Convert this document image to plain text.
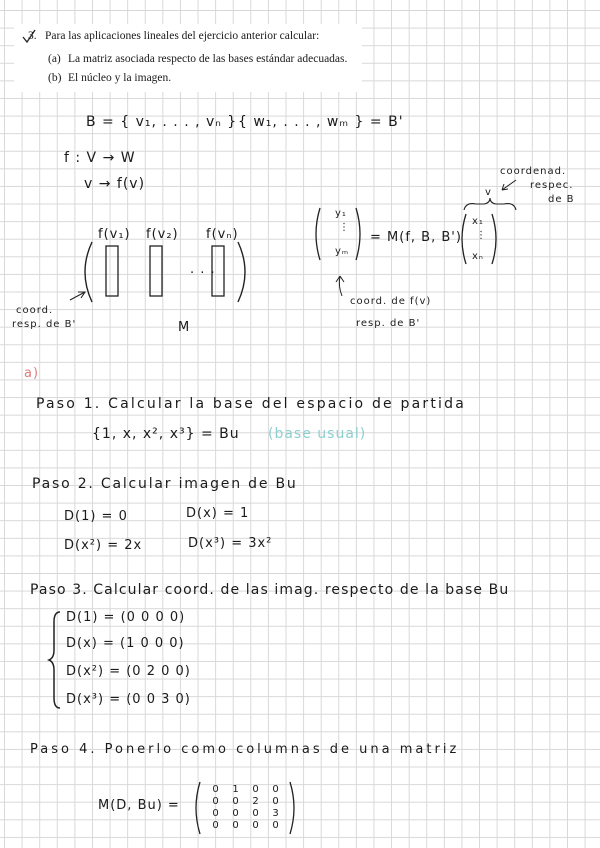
3. Para las aplicaciones lineales del ejercicio anterior calcular:
(a) La matriz asociada respecto de las bases estándar adecuadas.
(b) El núcleo y la imagen.
B = { v₁, . . . , vₙ } { w₁, . . . , wₘ } = B'
f : V → W
v → f(v)
f(v₁) f(v₂) f(vₙ)
· · ·
coord.
resp. de B'	M
y₁
⋮
yₘ
= M(f, B, B')
x₁
⋮
xₙ
v
coordenad.
respec.
de B
coord. de f(v)
resp. de B'
a)
Paso 1. Calcular la base del espacio de partida
{1, x, x², x³} = Bu (base usual)
Paso 2. Calcular imagen de Bu
D(1) = 0	D(x) = 1
D(x²) = 2x	D(x³) = 3x²
Paso 3. Calcular coord. de las imag. respecto de la base Bu
D(1) = (0 0 0 0)
D(x) = (1 0 0 0)
D(x²) = (0 2 0 0)
D(x³) = (0 0 3 0)
Paso 4. Ponerlo como columnas de una matriz
M(D, Bu) =
0	1	0	0
0	0	2	0
0	0	0	3
0	0	0	0
